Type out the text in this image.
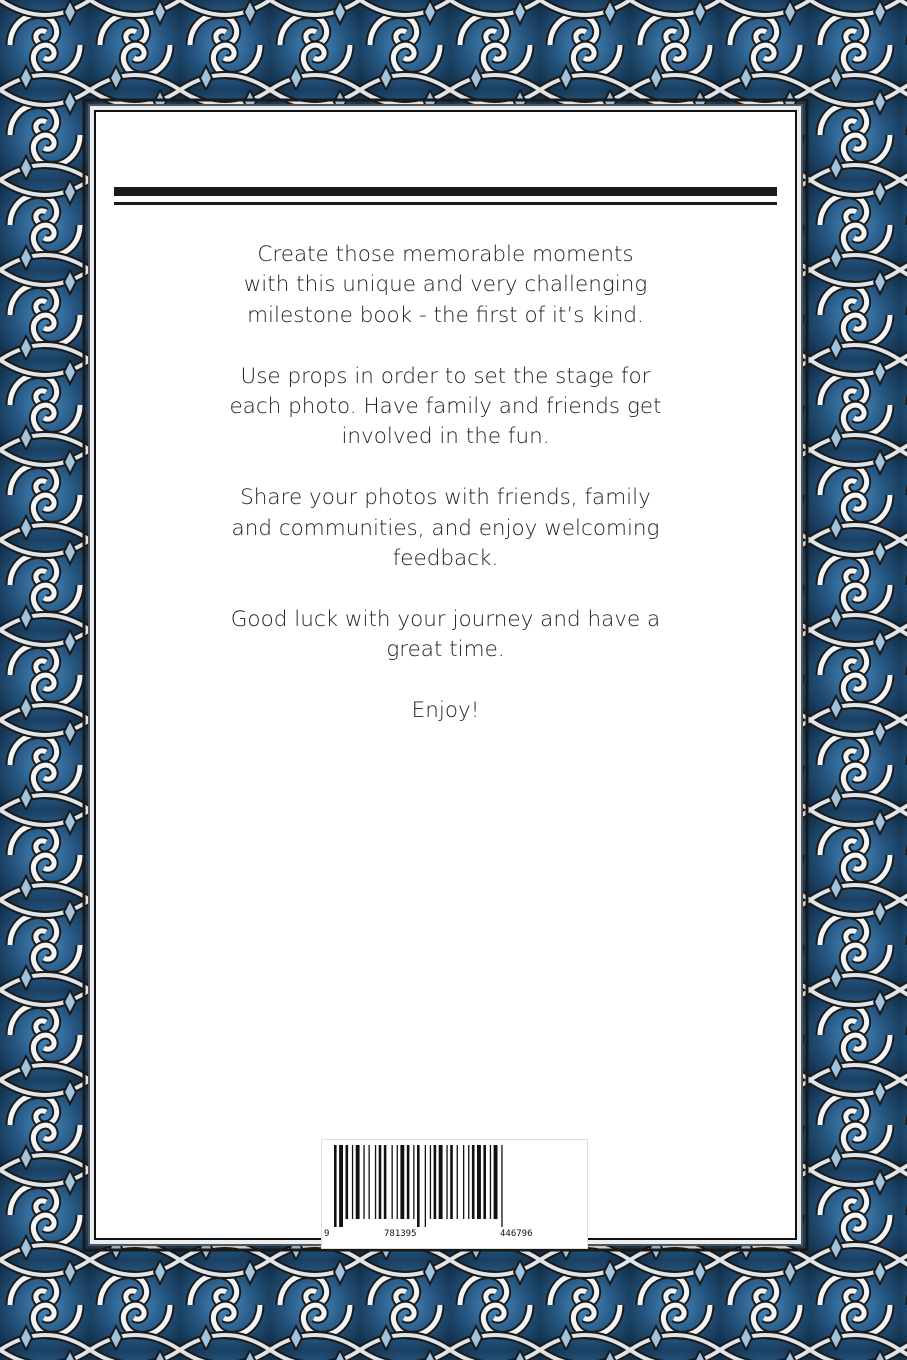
Create those memorable moments
with this unique and very challenging
milestone book - the first of it’s kind.

Use props in order to set the stage for
each photo. Have family and friends get
involved in the fun.

Share your photos with friends, family
and communities, and enjoy welcoming
feedback.

Good luck with your journey and have a
great time.

Enjoy!

9	781395	446796
